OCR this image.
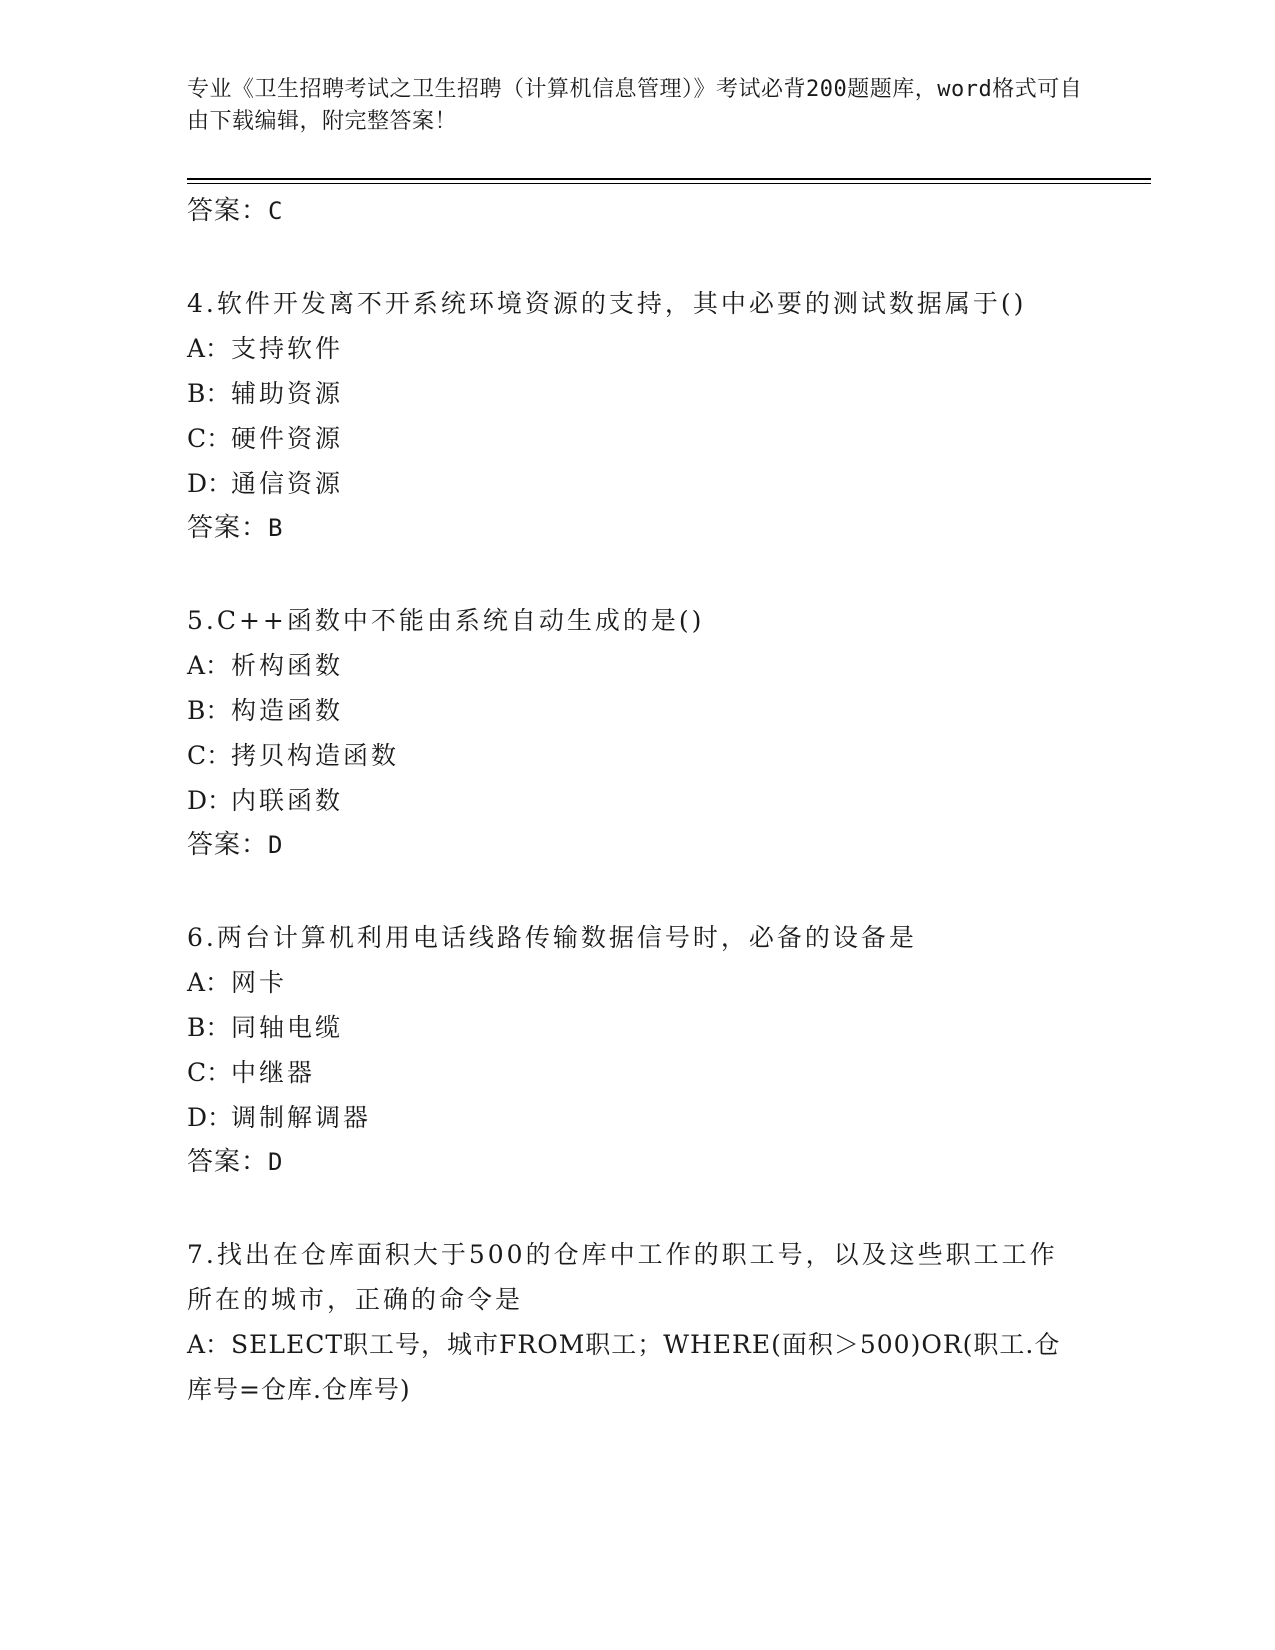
专业《卫生招聘考试之卫生招聘（计算机信息管理）》考试必背200题题库，word格式可自由下载编辑，附完整答案！
答案：C
4.软件开发离不开系统环境资源的支持，其中必要的测试数据属于()
A：支持软件
B：辅助资源
C：硬件资源
D：通信资源
答案：B
5.C++函数中不能由系统自动生成的是()
A：析构函数
B：构造函数
C：拷贝构造函数
D：内联函数
答案：D
6.两台计算机利用电话线路传输数据信号时，必备的设备是
A：网卡
B：同轴电缆
C：中继器
D：调制解调器
答案：D
7.找出在仓库面积大于500的仓库中工作的职工号，以及这些职工工作所在的城市，正确的命令是
A：SELECT职工号，城市FROM职工；WHERE(面积＞500)OR(职工.仓库号=仓库.仓库号)
